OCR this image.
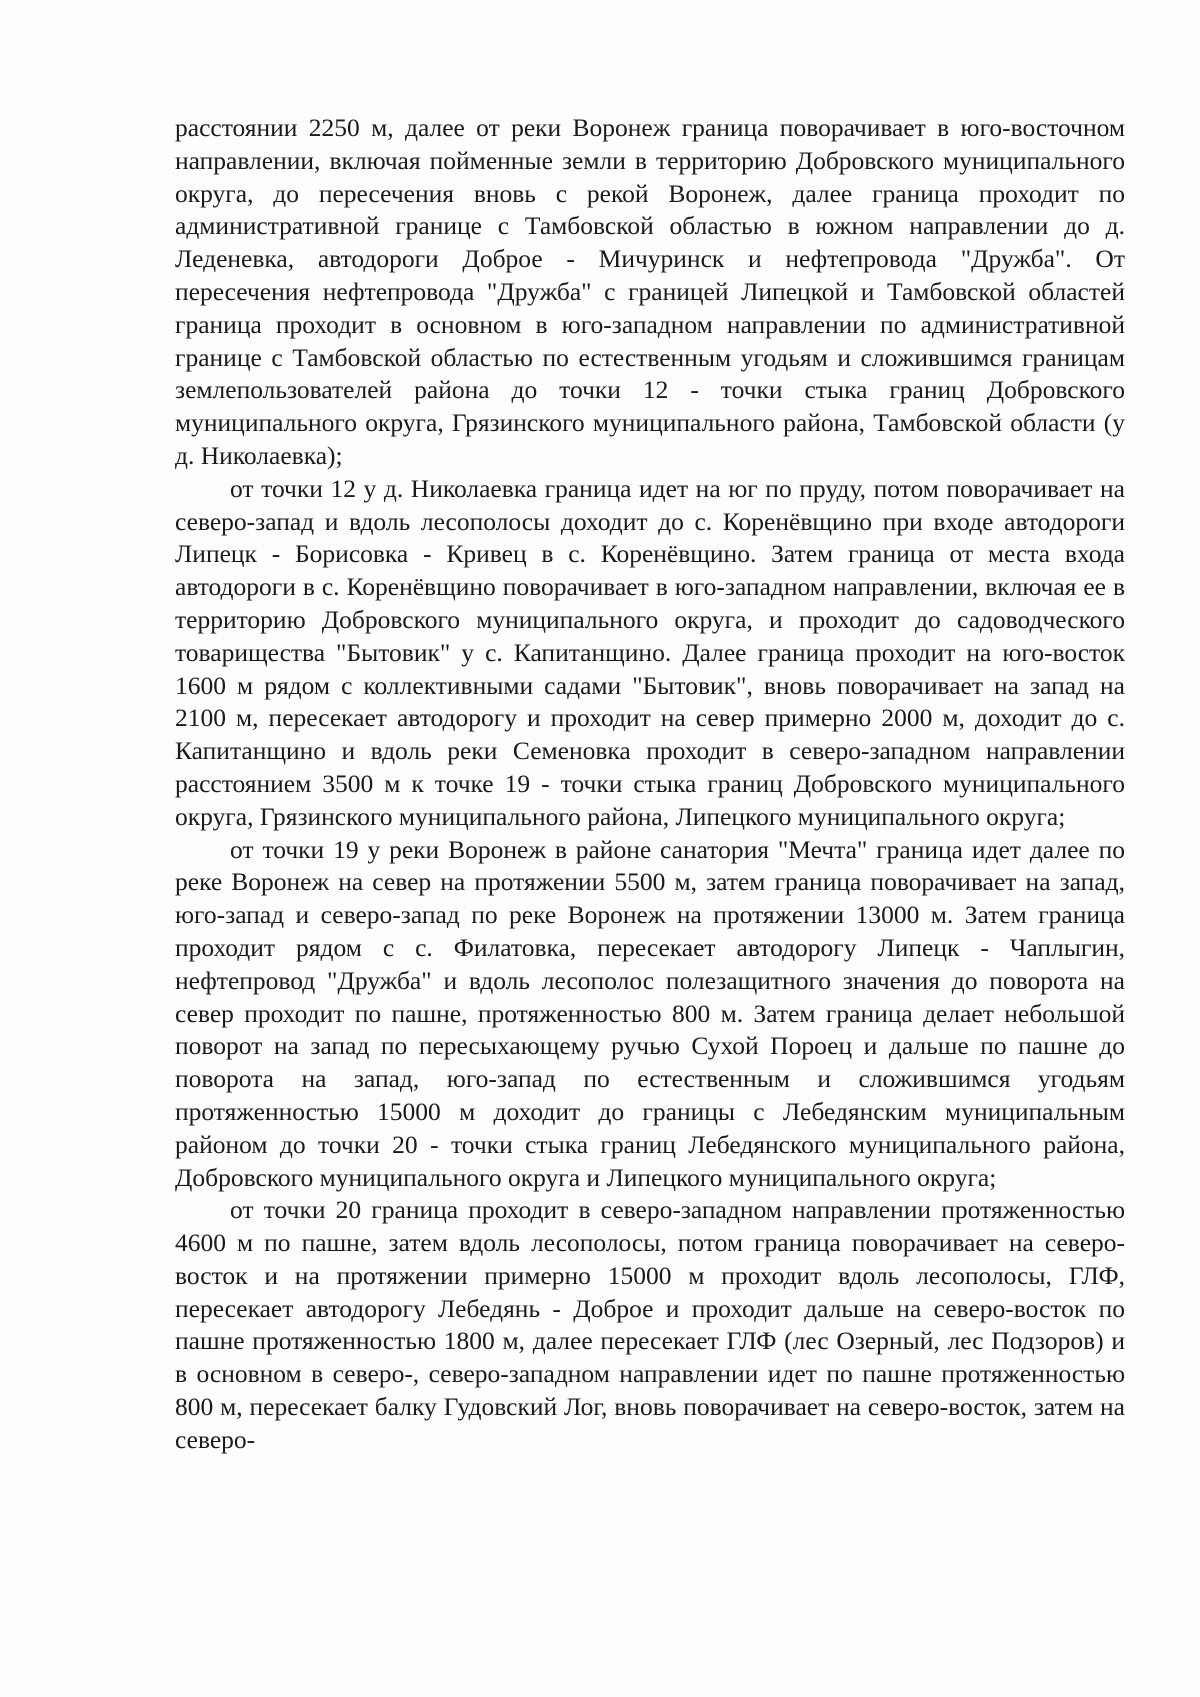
расстоянии 2250 м, далее от реки Воронеж граница поворачивает в юго-восточном направлении, включая пойменные земли в территорию Добровского муниципального округа, до пересечения вновь с рекой Воронеж, далее граница проходит по административной границе с Тамбовской областью в южном направлении до д. Леденевка, автодороги Доброе - Мичуринск и нефтепровода "Дружба". От пересечения нефтепровода "Дружба" с границей Липецкой и Тамбовской областей граница проходит в основном в юго-западном направлении по административной границе с Тамбовской областью по естественным угодьям и сложившимся границам землепользователей района до точки 12 - точки стыка границ Добровского муниципального округа, Грязинского муниципального района, Тамбовской области (у д. Николаевка);

от точки 12 у д. Николаевка граница идет на юг по пруду, потом поворачивает на северо-запад и вдоль лесополосы доходит до с. Коренёвщино при входе автодороги Липецк - Борисовка - Кривец в с. Коренёвщино. Затем граница от места входа автодороги в с. Коренёвщино поворачивает в юго-западном направлении, включая ее в территорию Добровского муниципального округа, и проходит до садоводческого товарищества "Бытовик" у с. Капитанщино. Далее граница проходит на юго-восток 1600 м рядом с коллективными садами "Бытовик", вновь поворачивает на запад на 2100 м, пересекает автодорогу и проходит на север примерно 2000 м, доходит до с. Капитанщино и вдоль реки Семеновка проходит в северо-западном направлении расстоянием 3500 м к точке 19 - точки стыка границ Добровского муниципального округа, Грязинского муниципального района, Липецкого муниципального округа;

от точки 19 у реки Воронеж в районе санатория "Мечта" граница идет далее по реке Воронеж на север на протяжении 5500 м, затем граница поворачивает на запад, юго-запад и северо-запад по реке Воронеж на протяжении 13000 м. Затем граница проходит рядом с с. Филатовка, пересекает автодорогу Липецк - Чаплыгин, нефтепровод "Дружба" и вдоль лесополос полезащитного значения до поворота на север проходит по пашне, протяженностью 800 м. Затем граница делает небольшой поворот на запад по пересыхающему ручью Сухой Пороец и дальше по пашне до поворота на запад, юго-запад по естественным и сложившимся угодьям протяженностью 15000 м доходит до границы с Лебедянским муниципальным районом до точки 20 - точки стыка границ Лебедянского муниципального района, Добровского муниципального округа и Липецкого муниципального округа;

от точки 20 граница проходит в северо-западном направлении протяженностью 4600 м по пашне, затем вдоль лесополосы, потом граница поворачивает на северо-восток и на протяжении примерно 15000 м проходит вдоль лесополосы, ГЛФ, пересекает автодорогу Лебедянь - Доброе и проходит дальше на северо-восток по пашне протяженностью 1800 м, далее пересекает ГЛФ (лес Озерный, лес Подзоров) и в основном в северо-, северо-западном направлении идет по пашне протяженностью 800 м, пересекает балку Гудовский Лог, вновь поворачивает на северо-восток, затем на северо-
